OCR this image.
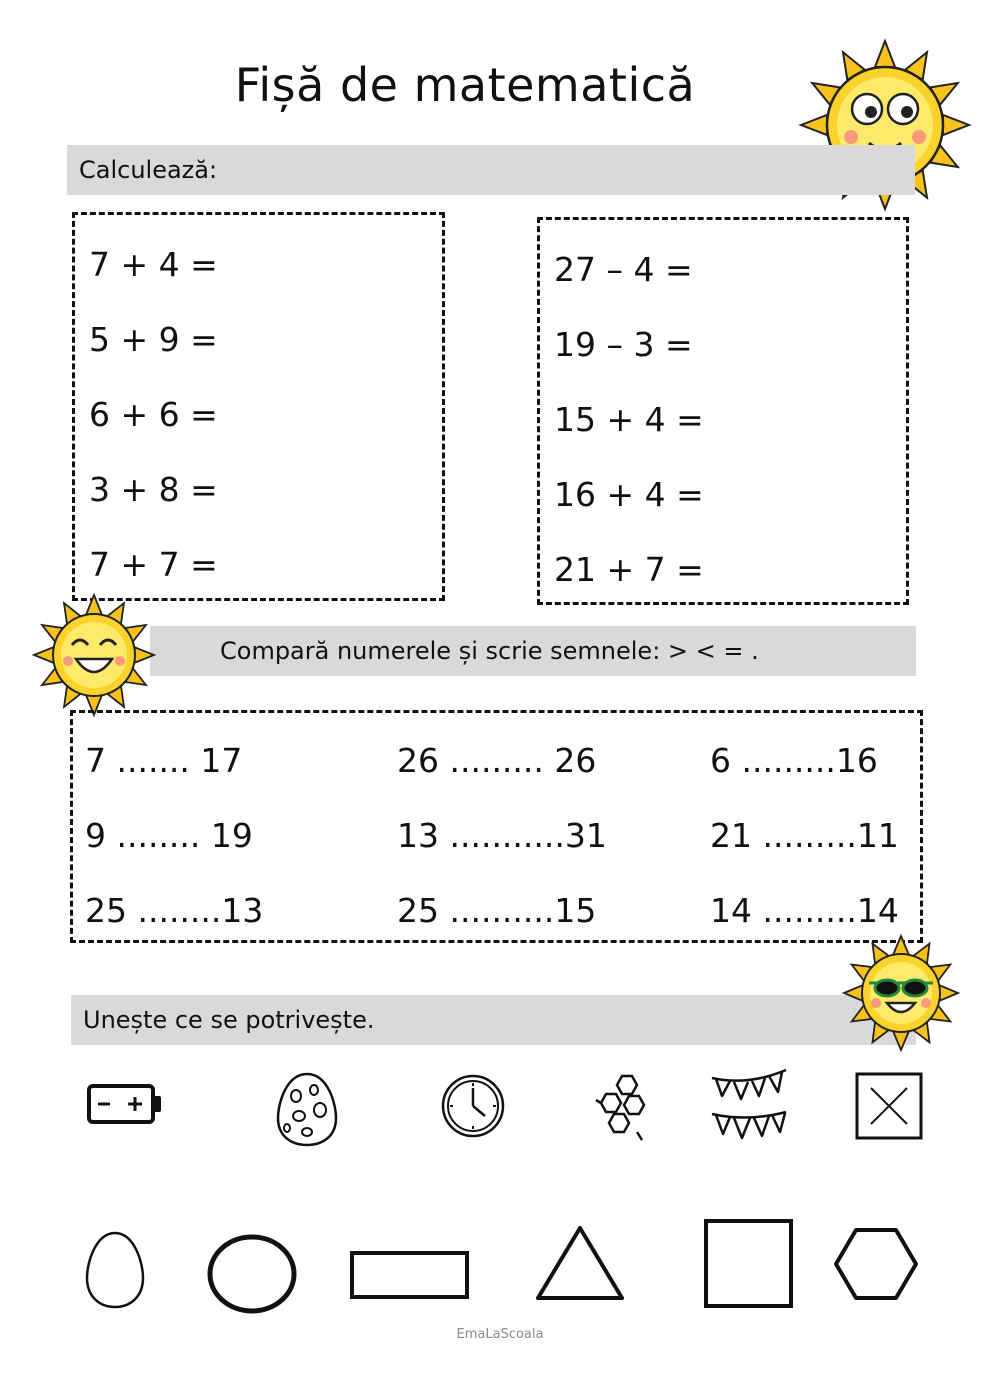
Fișă de matematică
Calculează:
7 + 4 =
5 + 9 =
6 + 6 =
3 + 8 =
7 + 7 =
27 – 4 =
19 – 3 =
15 + 4 =
16 + 4 =
21 + 7 =
Compară numerele și scrie semnele: > < = .
7 ....... 17	26 ......... 26	6 .........16
9 ........ 19	13 ...........31	21 .........11
25 ........13	25 ..........15	14 .........14
Unește ce se potrivește.
EmaLaScoala
